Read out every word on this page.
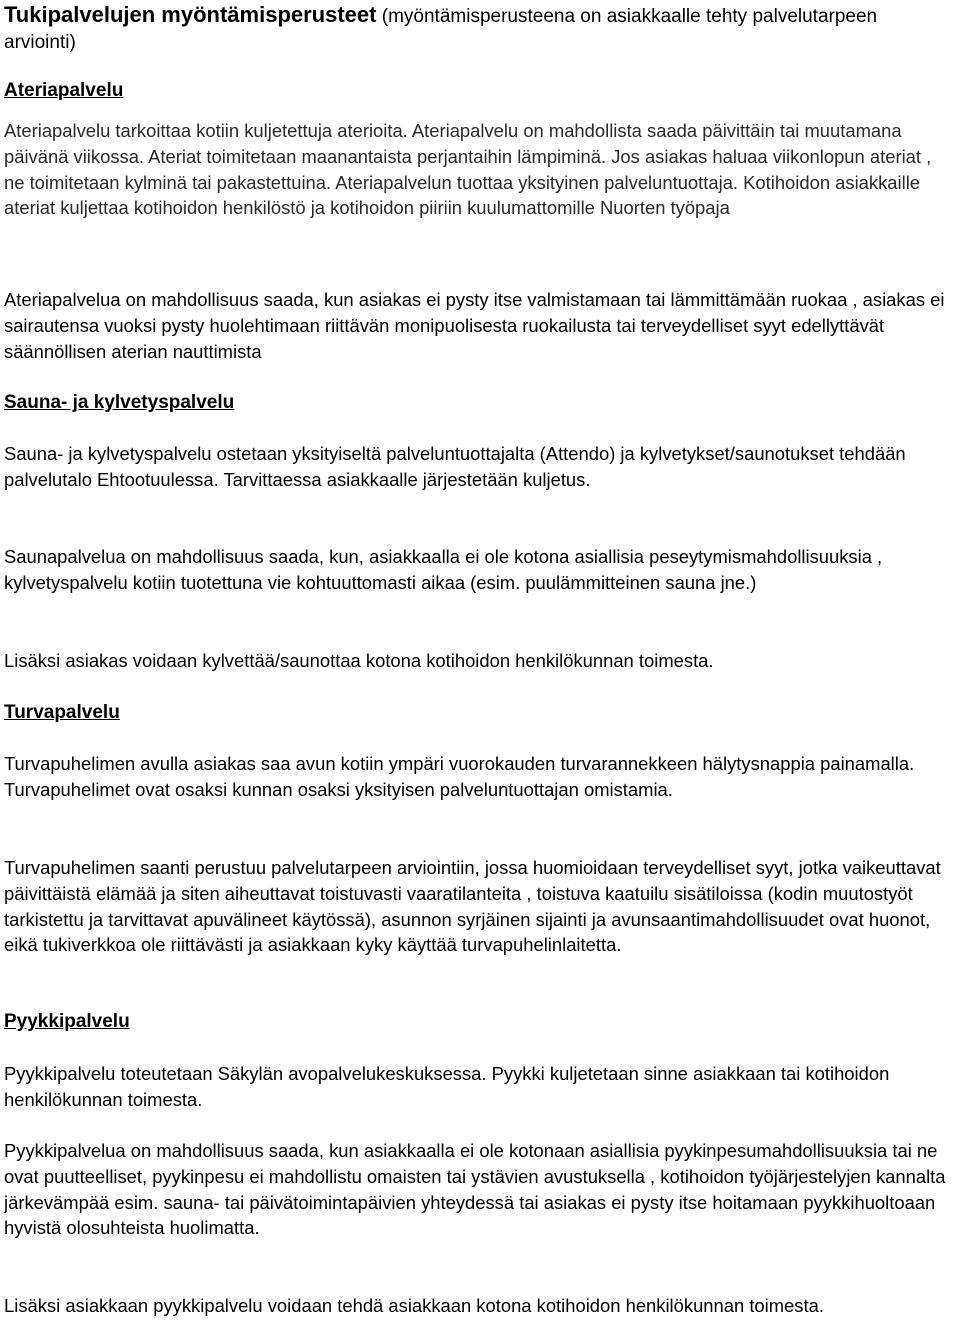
Tukipalvelujen myöntämisperusteet (myöntämisperusteena on asiakkaalle tehty palvelutarpeen arviointi)
Ateriapalvelu
Ateriapalvelu tarkoittaa kotiin kuljetettuja aterioita. Ateriapalvelu on mahdollista saada päivittäin tai muutamana päivänä viikossa. Ateriat toimitetaan maanantaista perjantaihin lämpiminä. Jos asiakas haluaa viikonlopun ateriat , ne toimitetaan kylminä tai pakastettuina. Ateriapalvelun tuottaa yksityinen palveluntuottaja. Kotihoidon asiakkaille ateriat kuljettaa kotihoidon henkilöstö ja kotihoidon piiriin kuulumattomille Nuorten työpaja
Ateriapalvelua on mahdollisuus saada, kun asiakas ei pysty itse valmistamaan tai lämmittämään ruokaa , asiakas ei sairautensa vuoksi pysty huolehtimaan riittävän monipuolisesta ruokailusta tai terveydelliset syyt edellyttävät säännöllisen aterian nauttimista
Sauna- ja kylvetyspalvelu
Sauna- ja kylvetyspalvelu ostetaan yksityiseltä palveluntuottajalta (Attendo) ja kylvetykset/saunotukset tehdään palvelutalo Ehtootuulessa. Tarvittaessa asiakkaalle järjestetään kuljetus.
Saunapalvelua on mahdollisuus saada, kun, asiakkaalla ei ole kotona asiallisia peseytymismahdollisuuksia , kylvetyspalvelu kotiin tuotettuna vie kohtuuttomasti aikaa (esim. puulämmitteinen sauna jne.)
Lisäksi asiakas voidaan kylvettää/saunottaa kotona kotihoidon henkilökunnan toimesta.
Turvapalvelu
Turvapuhelimen avulla asiakas saa avun kotiin ympäri vuorokauden turvarannekkeen hälytysnappia painamalla. Turvapuhelimet ovat osaksi kunnan osaksi yksityisen palveluntuottajan omistamia.
Turvapuhelimen saanti perustuu palvelutarpeen arviointiin, jossa huomioidaan terveydelliset syyt, jotka vaikeuttavat päivittäistä elämää ja siten aiheuttavat toistuvasti vaaratilanteita , toistuva kaatuilu sisätiloissa (kodin muutostyöt tarkistettu ja tarvittavat apuvälineet käytössä), asunnon syrjäinen sijainti ja avunsaantimahdollisuudet ovat huonot, eikä tukiverkkoa ole riittävästi ja asiakkaan kyky käyttää turvapuhelinlaitetta.
Pyykkipalvelu
Pyykkipalvelu toteutetaan Säkylän avopalvelukeskuksessa. Pyykki kuljetetaan sinne asiakkaan tai kotihoidon henkilökunnan toimesta.
Pyykkipalvelua on mahdollisuus saada, kun asiakkaalla ei ole kotonaan asiallisia pyykinpesumahdollisuuksia tai ne ovat puutteelliset, pyykinpesu ei mahdollistu omaisten tai ystävien avustuksella , kotihoidon työjärjestelyjen kannalta järkevämpää esim. sauna- tai päivätoimintapäivien yhteydessä tai asiakas ei pysty itse hoitamaan pyykkihuoltoaan hyvistä olosuhteista huolimatta.
Lisäksi asiakkaan pyykkipalvelu voidaan tehdä asiakkaan kotona kotihoidon henkilökunnan toimesta.
